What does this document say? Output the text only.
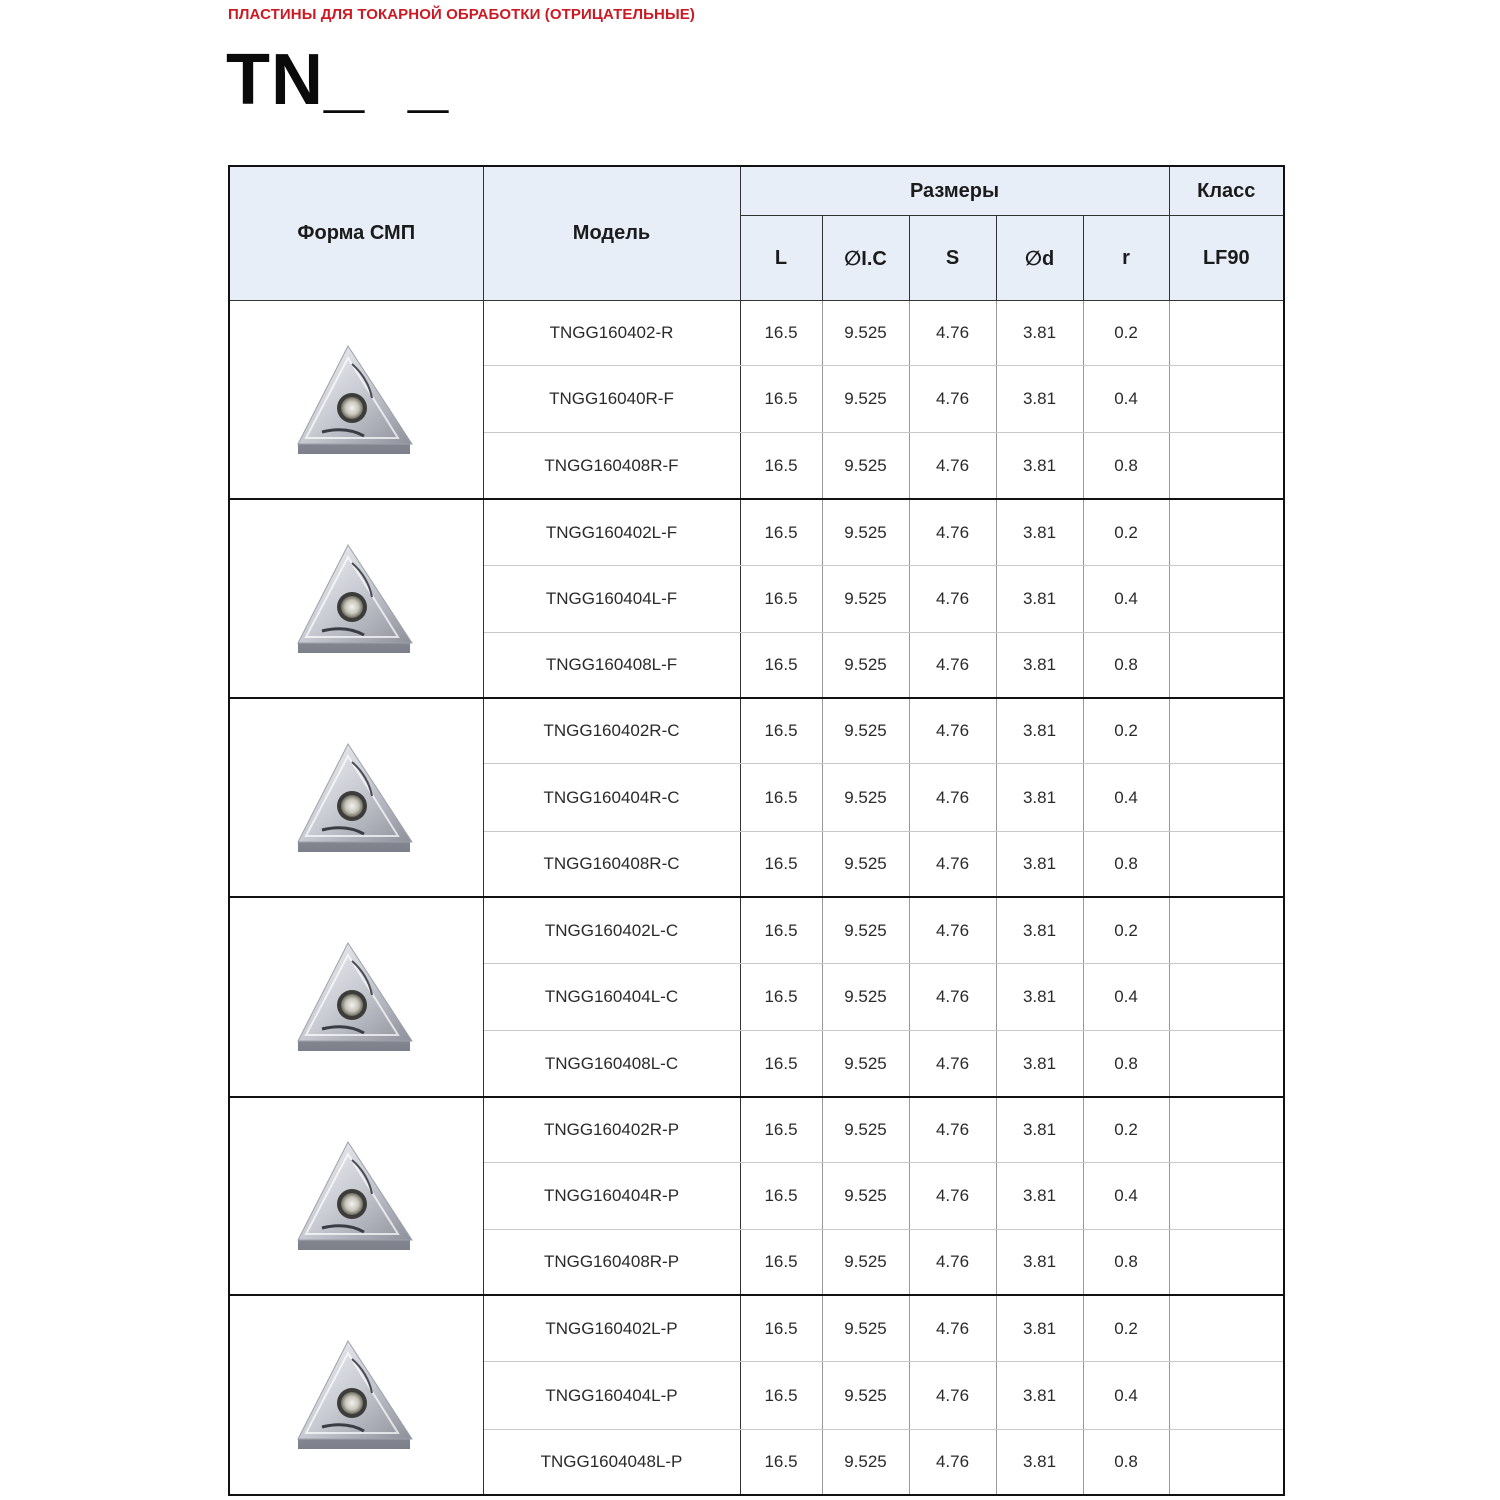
ПЛАСТИНЫ ДЛЯ ТОКАРНОЙ ОБРАБОТКИ (ОТРИЦАТЕЛЬНЫЕ)
TN_ _
Форма СМП	Модель	Размеры					Класс
		L	∅I.C	S	∅d	r	LF90

	TNGG160402-R	16.5	9.525	4.76	3.81	0.2	
	TNGG16040R-F	16.5	9.525	4.76	3.81	0.4	
	TNGG160408R-F	16.5	9.525	4.76	3.81	0.8	

	TNGG160402L-F	16.5	9.525	4.76	3.81	0.2	
	TNGG160404L-F	16.5	9.525	4.76	3.81	0.4	
	TNGG160408L-F	16.5	9.525	4.76	3.81	0.8	

	TNGG160402R-C	16.5	9.525	4.76	3.81	0.2	
	TNGG160404R-C	16.5	9.525	4.76	3.81	0.4	
	TNGG160408R-C	16.5	9.525	4.76	3.81	0.8	

	TNGG160402L-C	16.5	9.525	4.76	3.81	0.2	
	TNGG160404L-C	16.5	9.525	4.76	3.81	0.4	
	TNGG160408L-C	16.5	9.525	4.76	3.81	0.8	

	TNGG160402R-P	16.5	9.525	4.76	3.81	0.2	
	TNGG160404R-P	16.5	9.525	4.76	3.81	0.4	
	TNGG160408R-P	16.5	9.525	4.76	3.81	0.8	

	TNGG160402L-P	16.5	9.525	4.76	3.81	0.2	
	TNGG160404L-P	16.5	9.525	4.76	3.81	0.4	
	TNGG1604048L-P	16.5	9.525	4.76	3.81	0.8	
